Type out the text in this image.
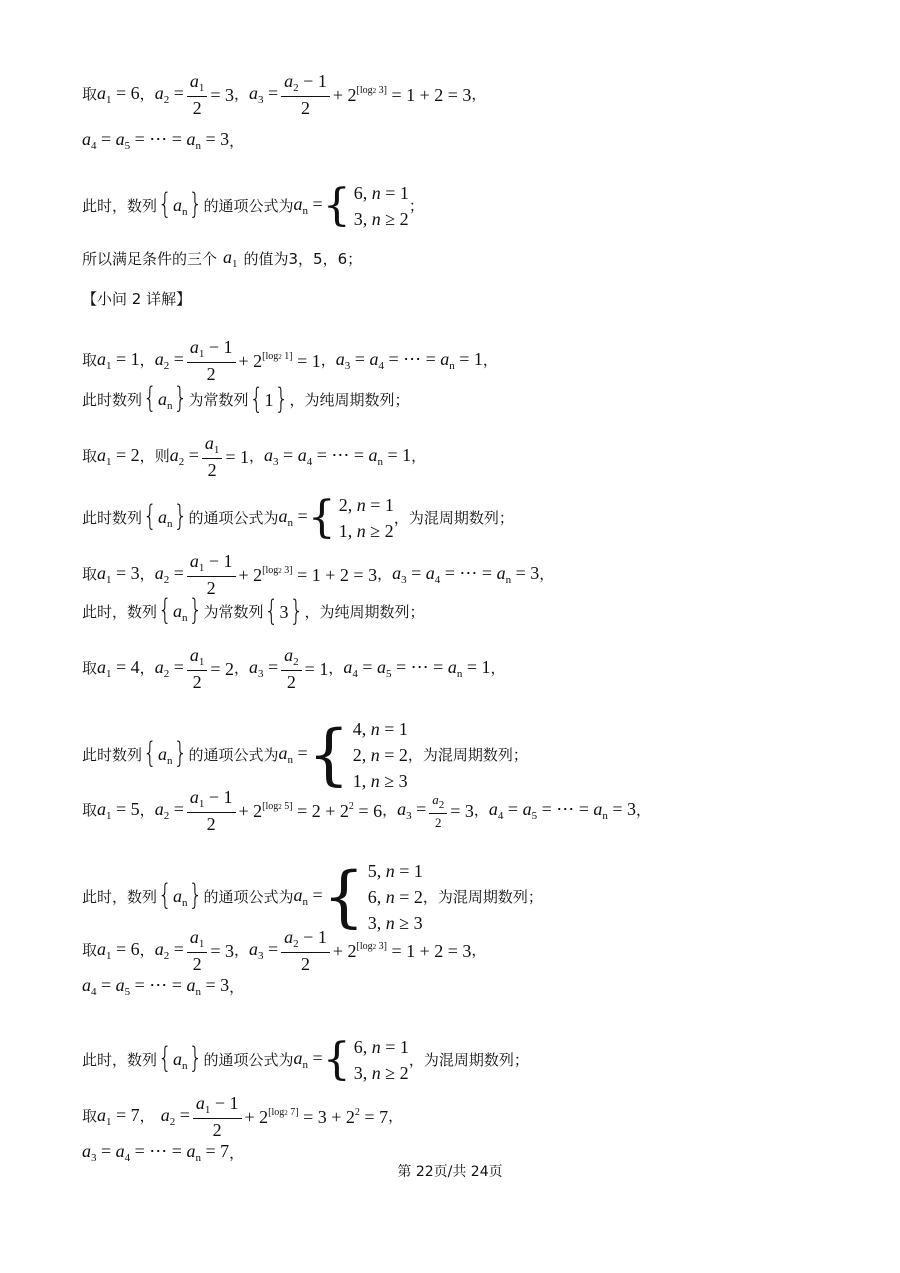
取 $a_1 = 6$ ， $a_2 = \frac{a_1}{2} = 3$ ， $a_3 = \frac{a_2 - 1}{2} + 2[\log 2 3] = 1 + 2 = 3$ ，
$a_4 = a_5$ = ⋯ = $a_n = 3$ ，
此时，数列 $\{a_n\}$ 的通项公式为 $a_n$ = { 6, n = 1
3, n ≥ 2
；
所以满足条件的三个 $a_1$ 的值为3，5，6；
【小问 2 详解】
取 $a_1 = 1$ ， $a_2 = \frac{a_1 - 1}{2} + 2[\log 2 1] = 1$ ， $a_3 = a_4$ = ⋯ = $a_n = 1$ ，
此时数列 $\{a_n\}$ 为常数列 {1} ，为纯周期数列；
取 $a_1 = 2$ ， 则 $a_2 = \frac{a_1}{2} = 1$ ， $a_3 = a_4$ = ⋯ = $a_n = 1$ ，
此时数列 $\{a_n\}$ 的通项公式为 $a_n$ = { 2, n = 1
1, n ≥ 2
，为混周期数列；
取 $a_1 = 3$ ， $a_2 = \frac{a_1 - 1}{2} + 2[\log 2 3] = 1 + 2 = 3$ ， $a_3 = a_4$ = ⋯ = $a_n = 3$ ，
此时，数列 $\{a_n\}$ 为常数列 {3} ，为纯周期数列；
取 $a_1 = 4$ ， $a_2 = \frac{a_1}{2} = 2$ ， $a_3 = \frac{a_2}{2} = 1$ ， $a_4 = a_5$ = ⋯ = $a_n = 1$ ，
此时数列 $\{a_n\}$ 的通项公式为 $a_n$ = { 4, n = 1
2, n = 2
1, n ≥ 3
，为混周期数列；
取 $a_1 = 5$ ， $a_2 = \frac{a_1 - 1}{2} + 2[\log 2 5] = 2 + 2^2 = 6$ ， $a_3 = \frac{a_2}{2} = 3$ ， $a_4 = a_5$ = ⋯ = $a_n = 3$ ，
此时，数列 $\{a_n\}$ 的通项公式为 $a_n$ = { 5, n = 1
6, n = 2
3, n ≥ 3
，为混周期数列；
取 $a_1 = 6$ ， $a_2 = \frac{a_1}{2} = 3$ ， $a_3 = \frac{a_2 - 1}{2} + 2[\log 2 3] = 1 + 2 = 3$ ，
$a_4 = a_5$ = ⋯ = $a_n = 3$ ，
此时，数列 $\{a_n\}$ 的通项公式为 $a_n$ = { 6, n = 1
3, n ≥ 2
，为混周期数列；
取 $a_1 = 7$ ， $a_2 = \frac{a_1 - 1}{2} + 2[\log 2 7] = 3 + 2^2 = 7$ ，
$a_3 = a_4$ = ⋯ = $a_n = 7$ ，
第 22页/共 24页
